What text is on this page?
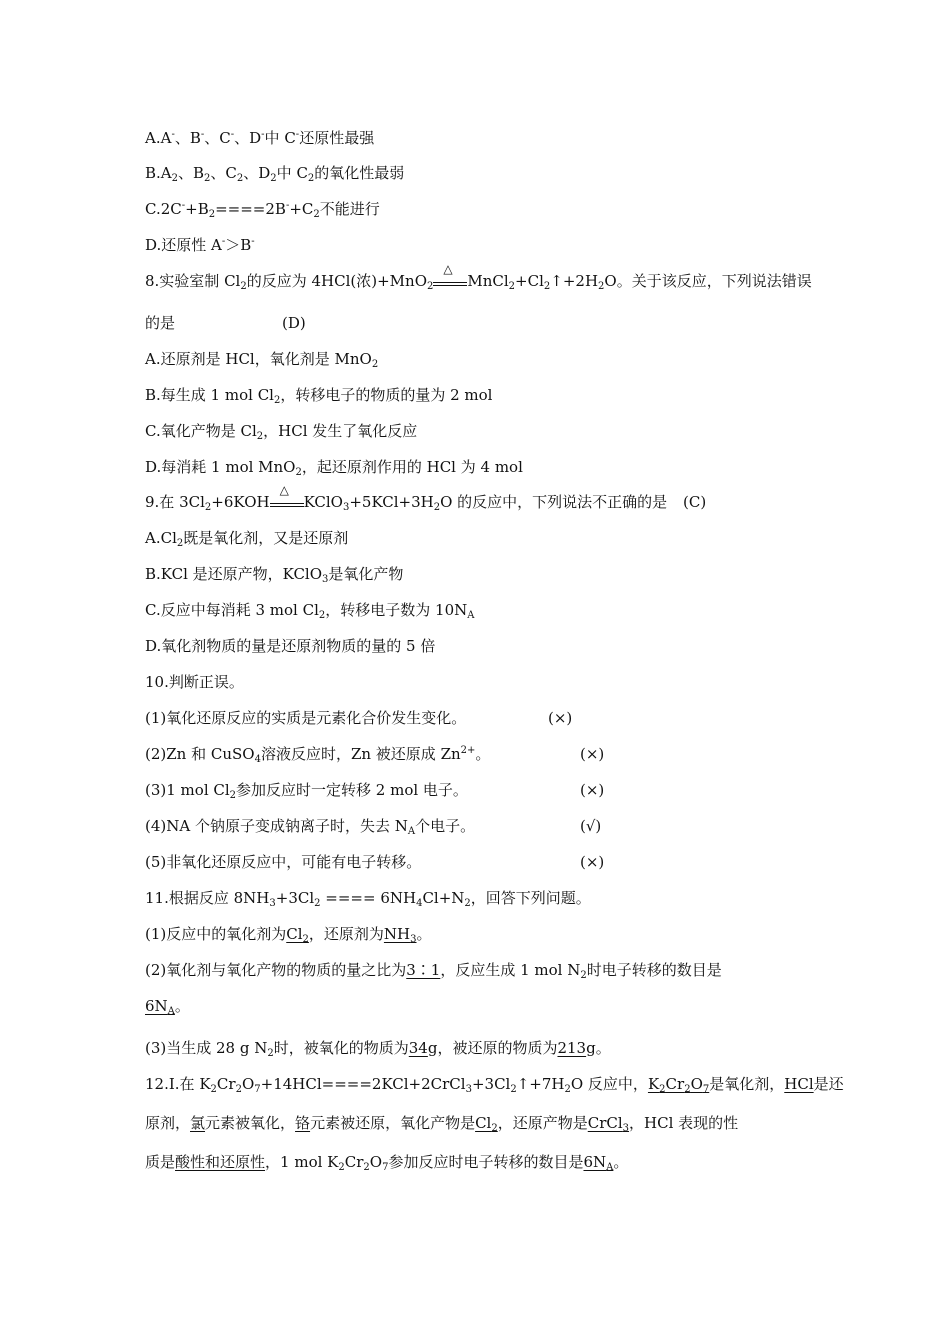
A.A-、B-、C-、D-中 C-还原性最强
$B.A_2$、$B_2$、$C_2$、$D_2$中 $C_2$的氧化性最弱
$C.2C^-+B_2====2B^-+C_2$不能进行
D.还原性 A-＞B-
8.实验室制 $Cl_2$的反应为 4HCl(浓)+MnO$_2$
△
$MnCl_2+Cl_2↑+2H_2O$。关于该反应，下列说法错误
的是	(D)
A.还原剂是 HCl，氧化剂是 MnO$_2$
B.每生成 1 mol $Cl_2$，转移电子的物质的量为 2 mol
C.氧化产物是 $Cl_2$，HCl 发生了氧化反应
D.每消耗 1 mol MnO$_2$，起还原剂作用的 HCl 为 4 mol
9.在 $3Cl_2+6KOH$
△
$KClO_3+5KCl+3H_2O$ 的反应中，下列说法不正确的是 (C)
$A.Cl_2$既是氧化剂，又是还原剂
B.KCl 是还原产物，KClO$_3$是氧化产物
C.反应中每消耗 3 mol $Cl_2$，转移电子数为 $10N_A$
D.氧化剂物质的量是还原剂物质的量的 5 倍
10.判断正误。
(1)氧化还原反应的实质是元素化合价发生变化。	(×)
(2)Zn 和 CuSO$_4$溶液反应时，Zn 被还原成 $Zn^{2+}$。	(×)
(3)1 mol $Cl_2$参加反应时一定转移 2 mol 电子。	(×)
(4)NA 个钠原子变成钠离子时，失去 $N_A$个电子。	(√)
(5)非氧化还原反应中，可能有电子转移。	(×)
11.根据反应 $8NH_3+3Cl_2$ ==== $6NH_4Cl+N_2$，回答下列问题。
(1)反应中的氧化剂为$Cl_2$，还原剂为$NH_3$。
(2)氧化剂与氧化产物的物质的量之比为3∶1，反应生成 1 mol $N_2$时电子转移的数目是
$6N_A$。
(3)当生成 28 g $N_2$时，被氧化的物质为34g，被还原的物质为213g。
12.Ⅰ.在 $K_2Cr_2O_7+14HCl====2KCl+2CrCl_3+3Cl_2↑+7H_2O$ 反应中，$K_2Cr_2O_7$是氧化剂，HCl是还
原剂，氯元素被氧化，铬元素被还原，氧化产物是$Cl_2$，还原产物是CrCl$_3$，HCl 表现的性
质是酸性和还原性，1 mol $K_2Cr_2O_7$参加反应时电子转移的数目是$6N_A$。
